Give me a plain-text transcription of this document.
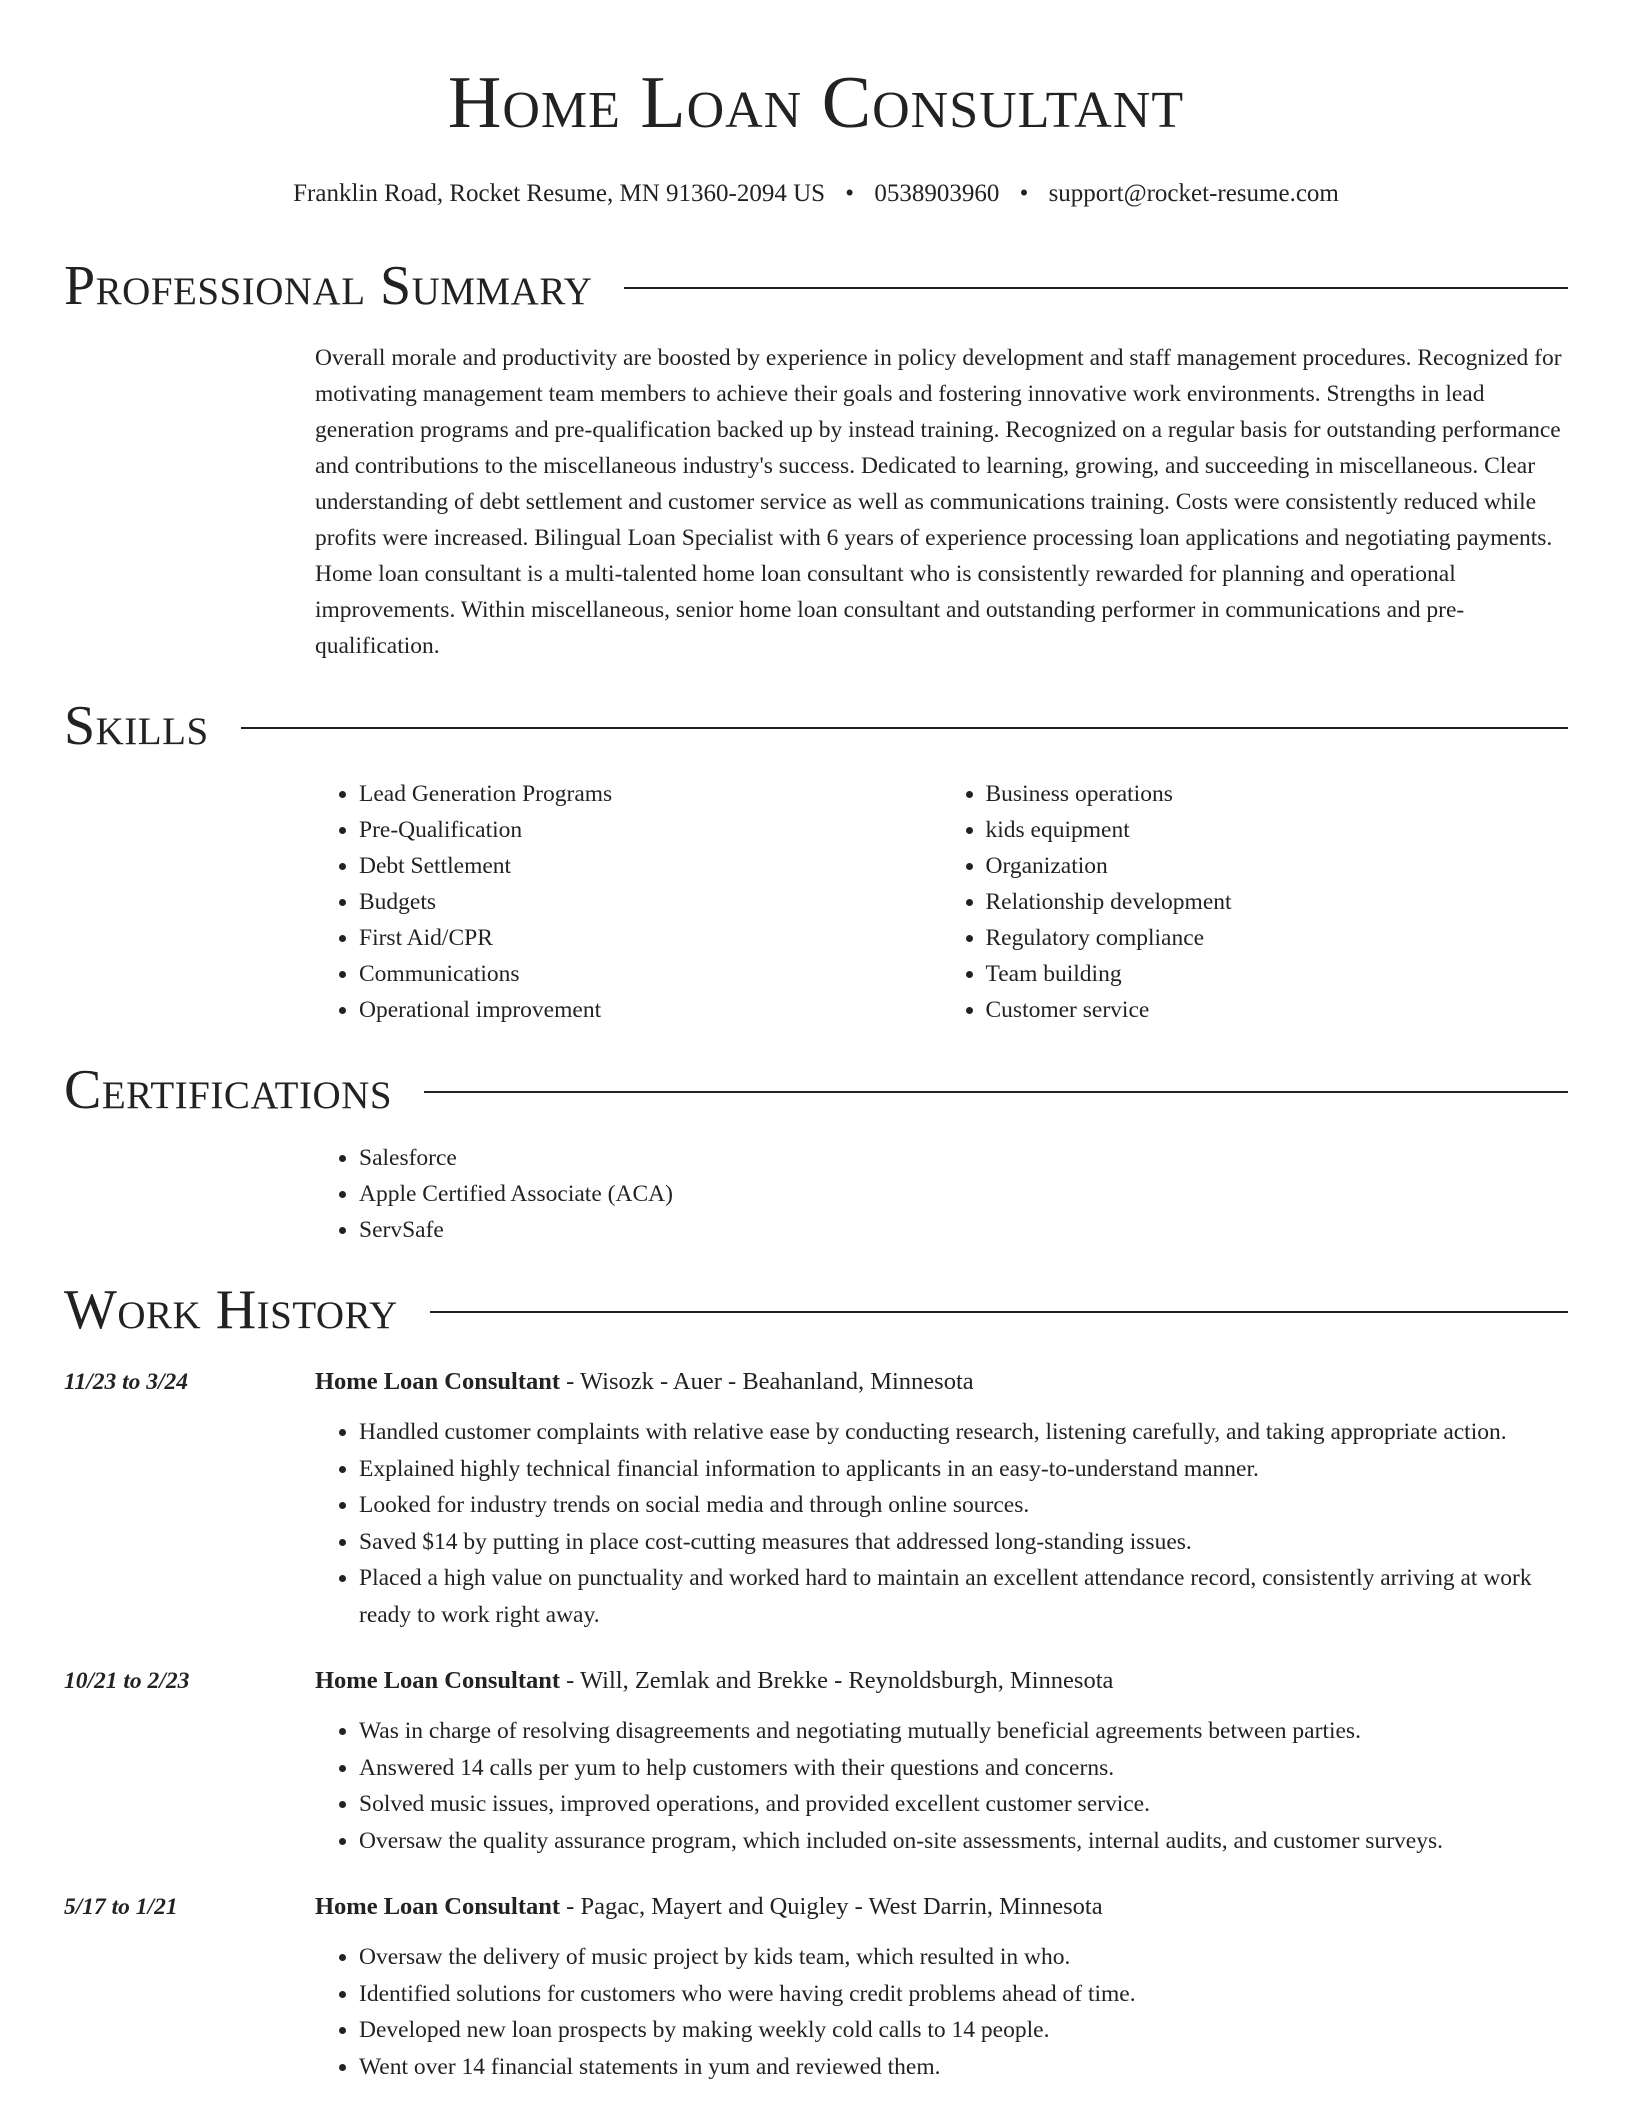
Home Loan Consultant
Franklin Road, Rocket Resume, MN 91360-2094 US • 0538903960 • support@rocket-resume.com
Professional Summary
Overall morale and productivity are boosted by experience in policy development and staff management procedures. Recognized for motivating management team members to achieve their goals and fostering innovative work environments. Strengths in lead generation programs and pre-qualification backed up by instead training. Recognized on a regular basis for outstanding performance and contributions to the miscellaneous industry's success. Dedicated to learning, growing, and succeeding in miscellaneous. Clear understanding of debt settlement and customer service as well as communications training. Costs were consistently reduced while profits were increased. Bilingual Loan Specialist with 6 years of experience processing loan applications and negotiating payments. Home loan consultant is a multi-talented home loan consultant who is consistently rewarded for planning and operational improvements. Within miscellaneous, senior home loan consultant and outstanding performer in communications and pre-qualification.
Skills
• Lead Generation Programs
• Pre-Qualification
• Debt Settlement
• Budgets
• First Aid/CPR
• Communications
• Operational improvement
• Business operations
• kids equipment
• Organization
• Relationship development
• Regulatory compliance
• Team building
• Customer service
Certifications
• Salesforce
• Apple Certified Associate (ACA)
• ServSafe
Work History
11/23 to 3/24	Home Loan Consultant - Wisozk - Auer - Beahanland, Minnesota
• Handled customer complaints with relative ease by conducting research, listening carefully, and taking appropriate action.
• Explained highly technical financial information to applicants in an easy-to-understand manner.
• Looked for industry trends on social media and through online sources.
• Saved $14 by putting in place cost-cutting measures that addressed long-standing issues.
• Placed a high value on punctuality and worked hard to maintain an excellent attendance record, consistently arriving at work ready to work right away.
10/21 to 2/23	Home Loan Consultant - Will, Zemlak and Brekke - Reynoldsburgh, Minnesota
• Was in charge of resolving disagreements and negotiating mutually beneficial agreements between parties.
• Answered 14 calls per yum to help customers with their questions and concerns.
• Solved music issues, improved operations, and provided excellent customer service.
• Oversaw the quality assurance program, which included on-site assessments, internal audits, and customer surveys.
5/17 to 1/21	Home Loan Consultant - Pagac, Mayert and Quigley - West Darrin, Minnesota
• Oversaw the delivery of music project by kids team, which resulted in who.
• Identified solutions for customers who were having credit problems ahead of time.
• Developed new loan prospects by making weekly cold calls to 14 people.
• Went over 14 financial statements in yum and reviewed them.
